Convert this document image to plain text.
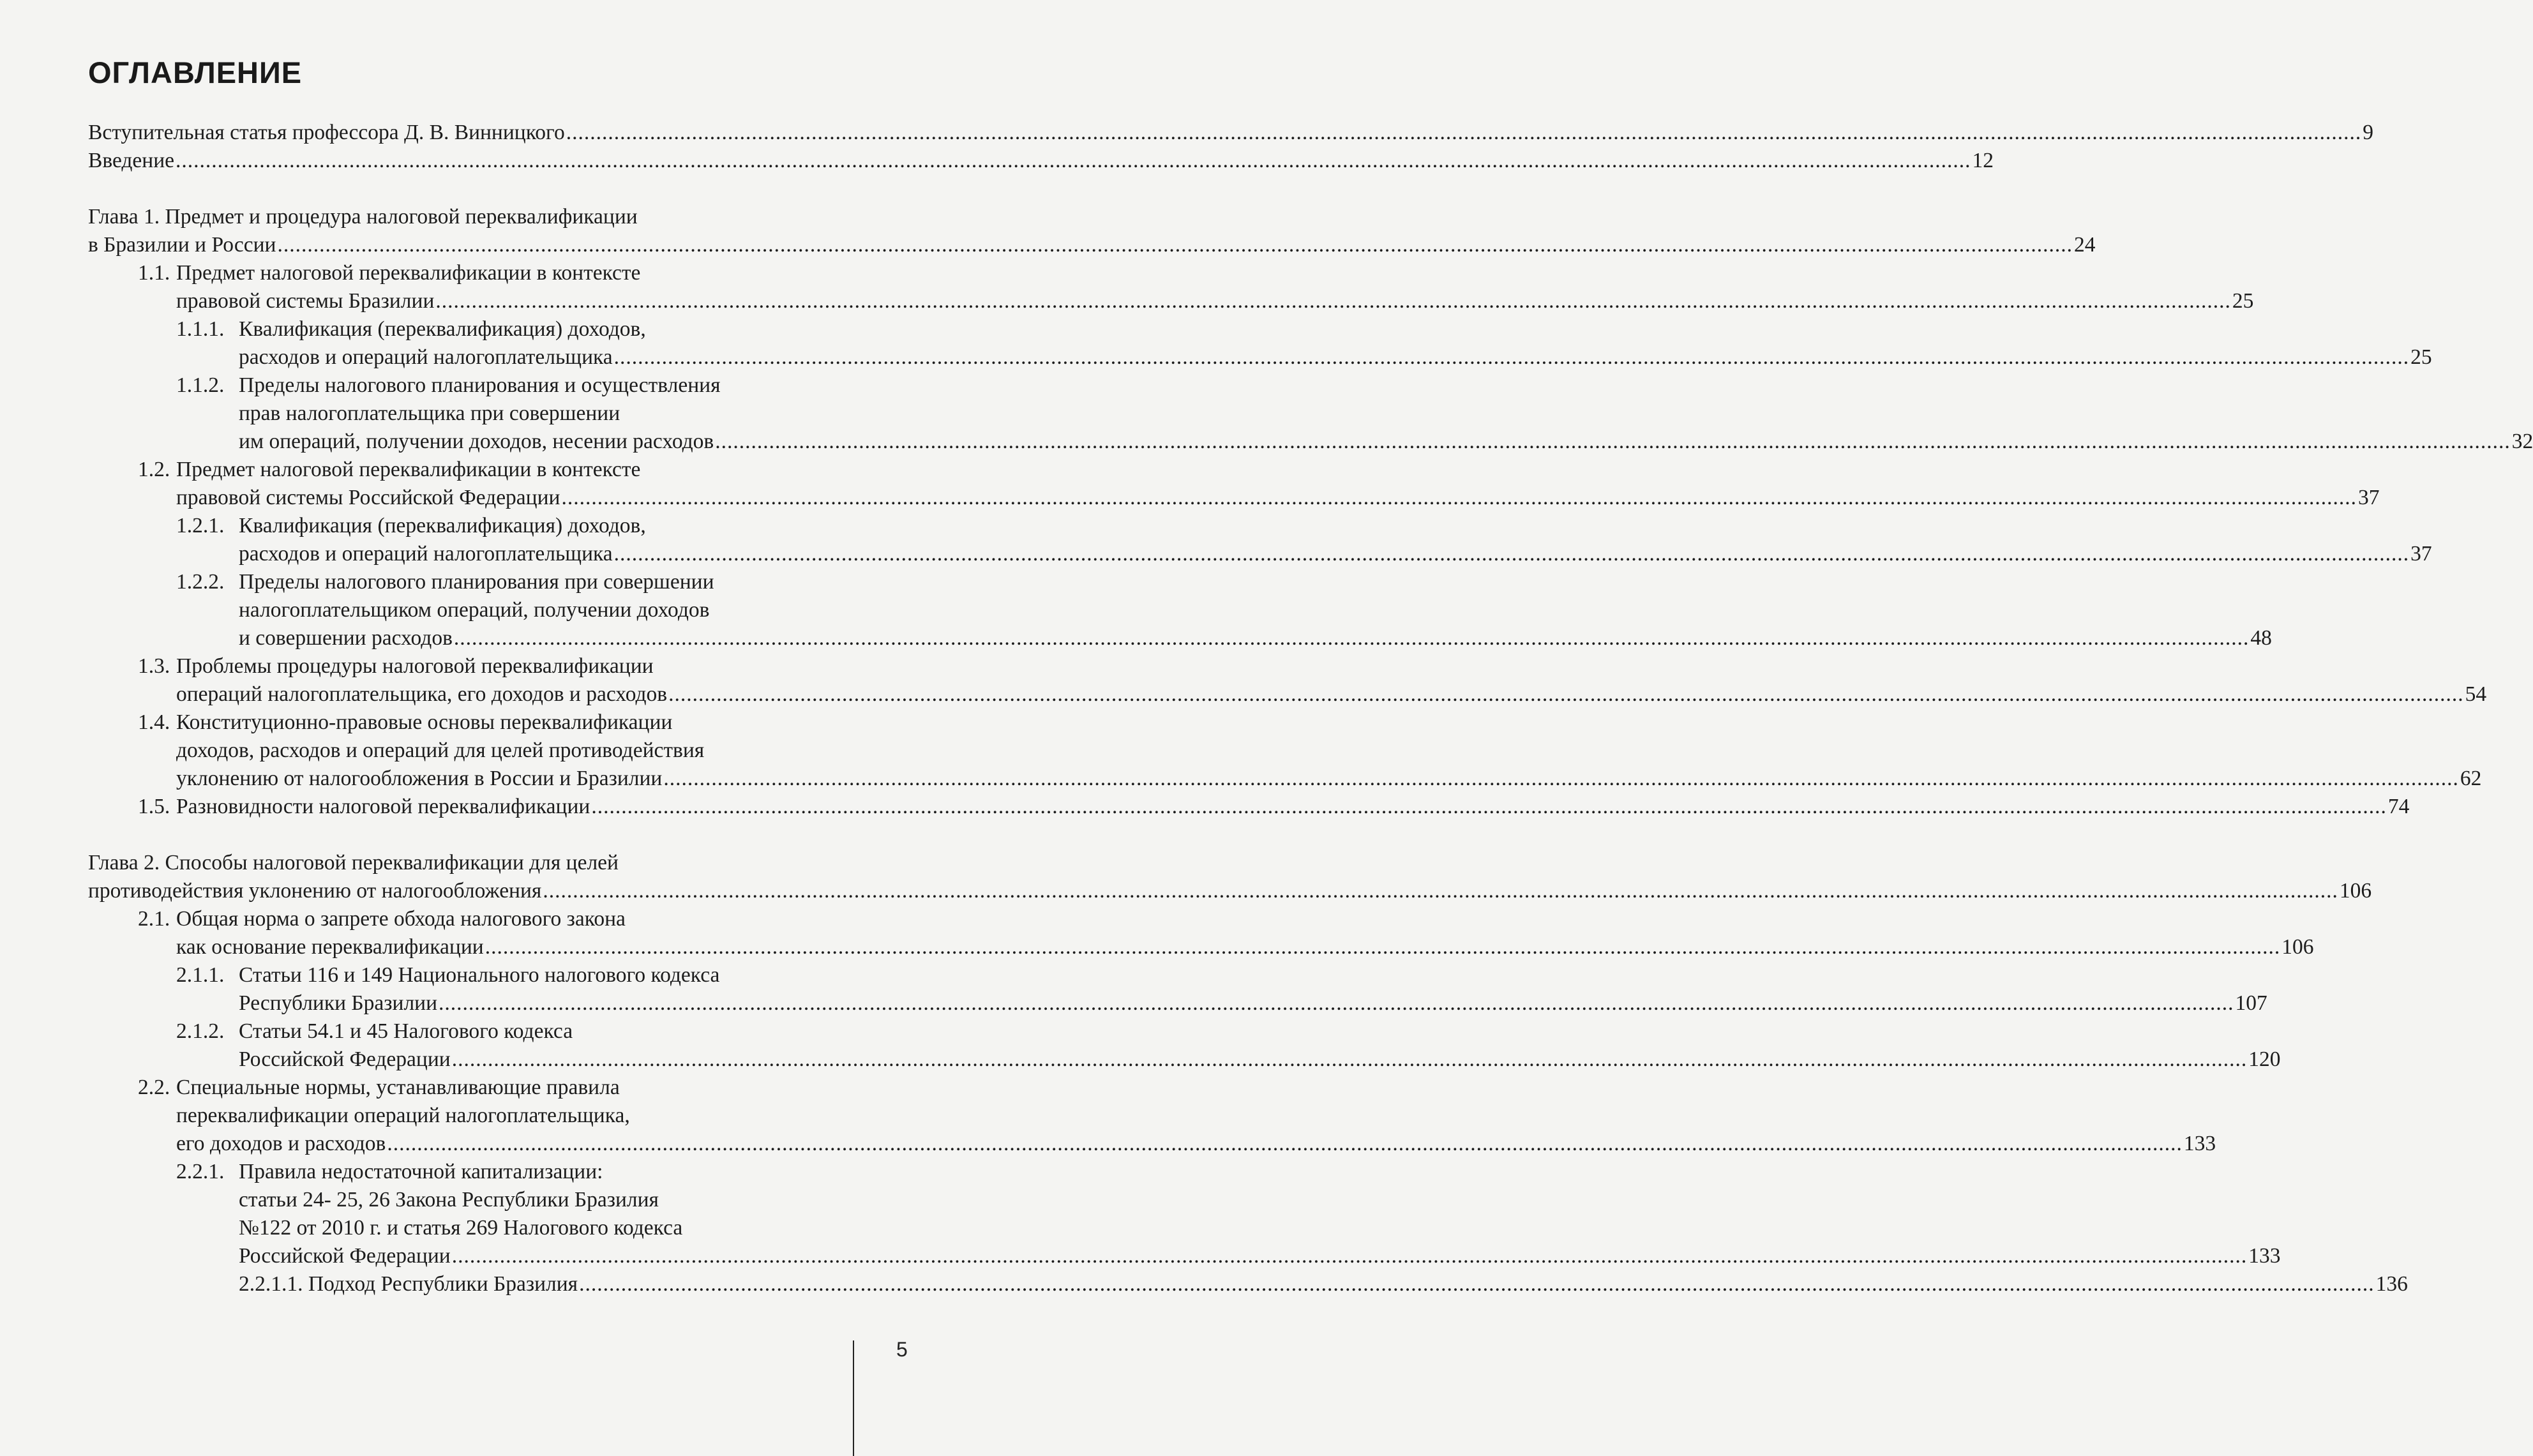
ОГЛАВЛЕНИЕ
Вступительная статья профессора Д. В. Винницкого ............................................................................................................................................................................................................................................................................................................ 9
Введение ............................................................................................................................................................................................................................................................................................................ 12
Глава 1. Предмет и процедура налоговой переквалификации
в Бразилии и России ............................................................................................................................................................................................................................................................................................................ 24
1.1. Предмет налоговой переквалификации в контексте
правовой системы Бразилии ............................................................................................................................................................................................................................................................................................................ 25
1.1.1. Квалификация (переквалификация) доходов,
расходов и операций налогоплательщика ............................................................................................................................................................................................................................................................................................................ 25
1.1.2. Пределы налогового планирования и осуществления
прав налогоплательщика при совершении
им операций, получении доходов, несении расходов ............................................................................................................................................................................................................................................................................................................ 32
1.2. Предмет налоговой переквалификации в контексте
правовой системы Российской Федерации ............................................................................................................................................................................................................................................................................................................ 37
1.2.1. Квалификация (переквалификация) доходов,
расходов и операций налогоплательщика ............................................................................................................................................................................................................................................................................................................ 37
1.2.2. Пределы налогового планирования при совершении
налогоплательщиком операций, получении доходов
и совершении расходов ............................................................................................................................................................................................................................................................................................................ 48
1.3. Проблемы процедуры налоговой переквалификации
операций налогоплательщика, его доходов и расходов ............................................................................................................................................................................................................................................................................................................ 54
1.4. Конституционно-правовые основы переквалификации
доходов, расходов и операций для целей противодействия
уклонению от налогообложения в России и Бразилии ............................................................................................................................................................................................................................................................................................................ 62
1.5. Разновидности налоговой переквалификации ............................................................................................................................................................................................................................................................................................................ 74
Глава 2. Способы налоговой переквалификации для целей
противодействия уклонению от налогообложения ............................................................................................................................................................................................................................................................................................................ 106
2.1. Общая норма о запрете обхода налогового закона
как основание переквалификации ............................................................................................................................................................................................................................................................................................................ 106
2.1.1. Статьи 116 и 149 Национального налогового кодекса
Республики Бразилии ............................................................................................................................................................................................................................................................................................................ 107
2.1.2. Статьи 54.1 и 45 Налогового кодекса
Российской Федерации ............................................................................................................................................................................................................................................................................................................ 120
2.2. Специальные нормы, устанавливающие правила
переквалификации операций налогоплательщика,
его доходов и расходов ............................................................................................................................................................................................................................................................................................................ 133
2.2.1. Правила недостаточной капитализации:
статьи 24- 25, 26 Закона Республики Бразилия
№122 от 2010 г. и статья 269 Налогового кодекса
Российской Федерации ............................................................................................................................................................................................................................................................................................................ 133
2.2.1.1. Подход Республики Бразилия ............................................................................................................................................................................................................................................................................................................ 136
5
